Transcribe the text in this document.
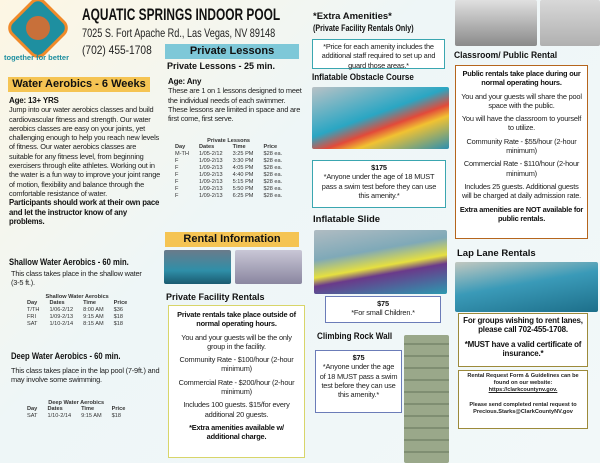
together for better
AQUATIC SPRINGS INDOOR POOL
7025 S. Fort Apache Rd., Las Vegas, NV 89148
(702) 455-1708
Water Aerobics - 6 Weeks
Age: 13+ YRS
Jump into our water aerobics classes and build cardiovascular fitness and strength. Our water aerobics classes are easy on your joints, yet challenging enough to help you reach new levels of fitness. Our water aerobics classes are suitable for any fitness level, from beginning exercisers through elite athletes. Working out in the water is a fun way to improve your joint range of motion, flexibility and balance through the comfortable resistance of water.
Participants should work at their own pace and let the instructor know of any problems.
Shallow Water Aerobics - 60 min.
This class takes place in the shallow water (3-5 ft.).
Shallow Water Aerobics
Day	Dates	Time	Price
T/TH	1/06-2/12	8:00 AM	$36
FRI	1/09-2/13	9:15 AM	$18
SAT	1/10-2/14	8:15 AM	$18
Deep Water Aerobics - 60 min.
This class takes place in the lap pool (7-9ft.) and may involve some swimming.
Deep Water Aerobics
Day	Dates	Time	Price
SAT	1/10-2/14	9:15 AM	$18
Private Lessons
Private Lessons - 25 min.
Age: Any
These are 1 on 1 lessons designed to meet the individual needs of each swimmer.
These lessons are limited in space and are first come, first serve.
Private Lessons
Day	Dates	Time	Price
M-TH	1/05-2/12	3:25 PM	$28 ea.
F	1/09-2/13	3:30 PM	$28 ea.
F	1/09-2/13	4:05 PM	$28 ea.
F	1/09-2/13	4:40 PM	$28 ea.
F	1/09-2/13	5:15 PM	$28 ea.
F	1/09-2/13	5:50 PM	$28 ea.
F	1/09-2/13	6:25 PM	$28 ea.
Rental Information
Private Facility Rentals

Private rentals take place outside of normal operating hours.

You and your guests will be the only group in the facility.

Community Rate - $100/hour (2-hour minimum)

Commercial Rate - $200/hour (2-hour minimum)

Includes 100 guests. $15/for every additional 20 guests.

*Extra amenities available w/ additional charge.

*Extra Amenities*
(Private Facility Rentals Only)
*Price for each amenity includes the additional staff required to set up and guard those areas.*
Inflatable Obstacle Course
$175
*Anyone under the age of 18 MUST pass a swim test before they can use this amenity.*
Inflatable Slide
$75
*For small Children.*
Climbing Rock Wall
$75
*Anyone under the age of 18 MUST pass a swim test before they can use this amenity.*
Classroom/ Public Rental

Public rentals take place during our normal operating hours.

You and your guests will share the pool space with the public.

You will have the classroom to yourself to utilize.

Community Rate - $55/hour (2-hour minimum)

Commercial Rate - $110/hour (2-hour minimum)

Includes 25 guests. Additional guests will be charged at daily admission rate.

Extra amenities are NOT available for public rentals.

Lap Lane Rentals
For groups wishing to rent lanes, please call 702-455-1708.
*MUST have a valid certificate of insurance.*
Rental Request Form & Guidelines can be found on our website:
https://clarkcountynv.gov.
Please send completed rental request to Precious.Starks@ClarkCountyNV.gov
